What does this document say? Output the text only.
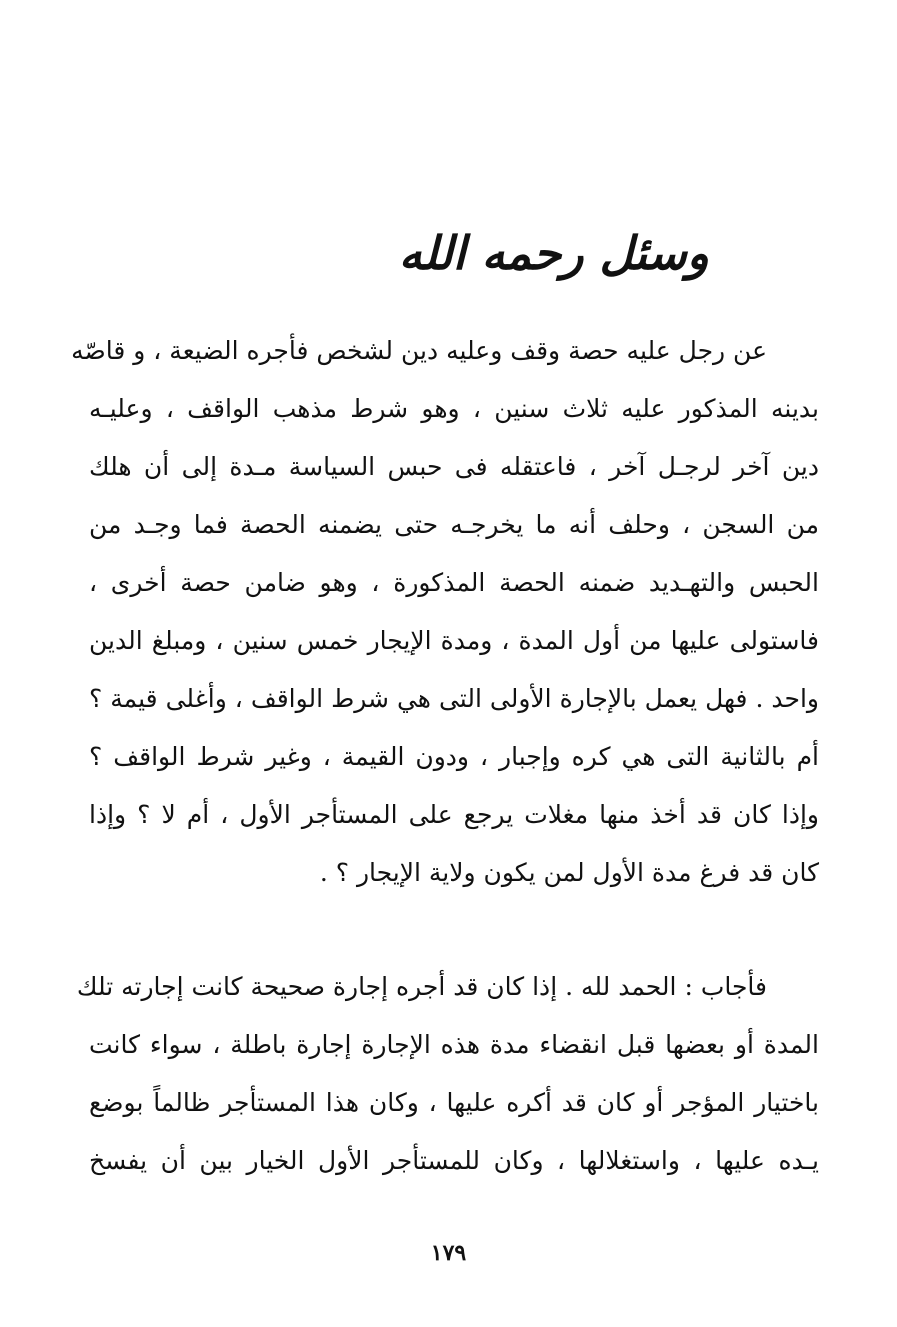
وسئل رحمه الله
عن رجل عليه حصة وقف وعليه دين لشخص فأجره الضيعة ، و قاصّه
بدينه المذكور عليه ثلاث سنين ، وهو شرط مذهب الواقف ، وعليـه
دين آخر لرجـل آخر ، فاعتقله فى حبس السياسة مـدة إلى أن هلك
من السجن ، وحلف أنه ما يخرجـه حتى يضمنه الحصة فما وجـد من
الحبس والتهـديد ضمنه الحصة المذكورة ، وهو ضامن حصة أخرى ،
فاستولى عليها من أول المدة ، ومدة الإيجار خمس سنين ، ومبلغ الدين
واحد . فهل يعمل بالإجارة الأولى التى هي شرط الواقف ، وأغلى قيمة ؟
أم بالثانية التى هي كره وإجبار ، ودون القيمة ، وغير شرط الواقف ؟
وإذا كان قد أخذ منها مغلات يرجع على المستأجر الأول ، أم لا ؟ وإذا
كان قد فرغ مدة الأول لمن يكون ولاية الإيجار ؟ .
فأجاب : الحمد لله . إذا كان قد أجره إجارة صحيحة كانت إجارته تلك
المدة أو بعضها قبل انقضاء مدة هذه الإجارة إجارة باطلة ، سواء كانت
باختيار المؤجر أو كان قد أكره عليها ، وكان هذا المستأجر ظالماً بوضع
يـده عليها ، واستغلالها ، وكان للمستأجر الأول الخيار بين أن يفسخ
١٧٩
